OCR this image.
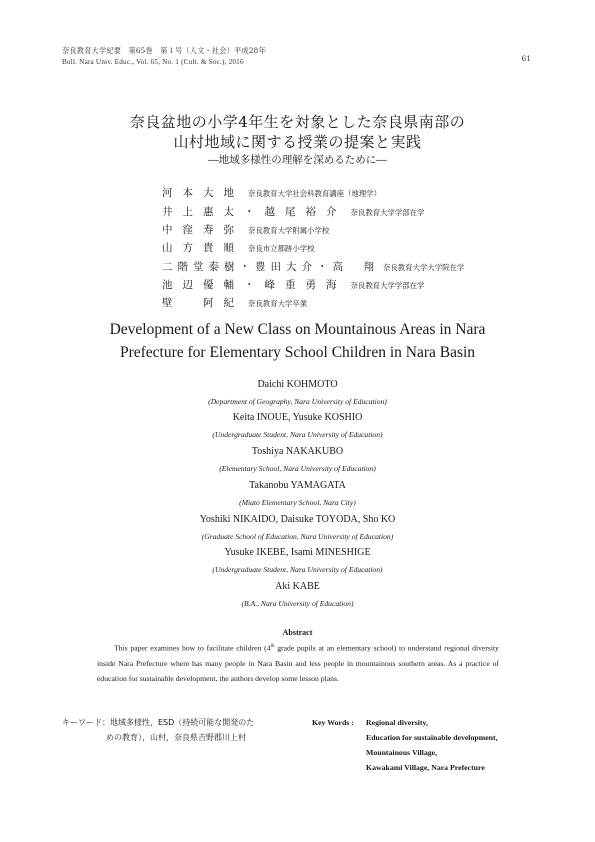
奈良教育大学紀要　第65巻　第１号（人文・社会）平成28年
Bull. Nara Univ. Educ., Vol. 65, No. 1 (Cult. & Soc.), 2016	61
奈良盆地の小学4年生を対象とした奈良県南部の
山村地域に関する授業の提案と実践
―地域多様性の理解を深めるために―
河本大地 奈良教育大学社会科教育講座（地理学）
井上惠太・越尾裕介 奈良教育大学学部在学
中窪寿弥 奈良教育大学附属小学校
山方貴順 奈良市立都跡小学校
二階堂泰樹・豊田大介・高　翔 奈良教育大学大学院在学
池辺優輔・峰重勇海 奈良教育大学学部在学
壁　阿紀 奈良教育大学卒業
Development of a New Class on Mountainous Areas in Nara
Prefecture for Elementary School Children in Nara Basin
Daichi KOHMOTO
(Department of Geography, Nara University of Education)
Keita INOUE, Yusuke KOSHIO
(Undergraduate Student, Nara University of Education)
Toshiya NAKAKUBO
(Elementary School, Nara University of Education)
Takanobu YAMAGATA
(Miato Elementary School, Nara City)
Yoshiki NIKAIDO, Daisuke TOYODA, Sho KO
(Graduate School of Education, Nara University of Education)
Yusuke IKEBE, Isami MINESHIGE
(Undergraduate Student, Nara University of Education)
Aki KABE
(B.A., Nara University of Education)
Abstract
This paper examines how to facilitate children (4th grade pupils at an elementary school) to understand regional diversity inside Nara Prefecture where has many people in Nara Basin and less people in mountainous southern areas. As a practice of education for sustainable development, the authors develop some lesson plans.
キーワード：地域多様性，ESD（持続可能な開発のた
めの教育），山村，奈良県吉野郡川上村
Key Words : Regional diversity,
Education for sustainable development,
Mountainous Village,
Kawakami Village, Nara Prefecture
